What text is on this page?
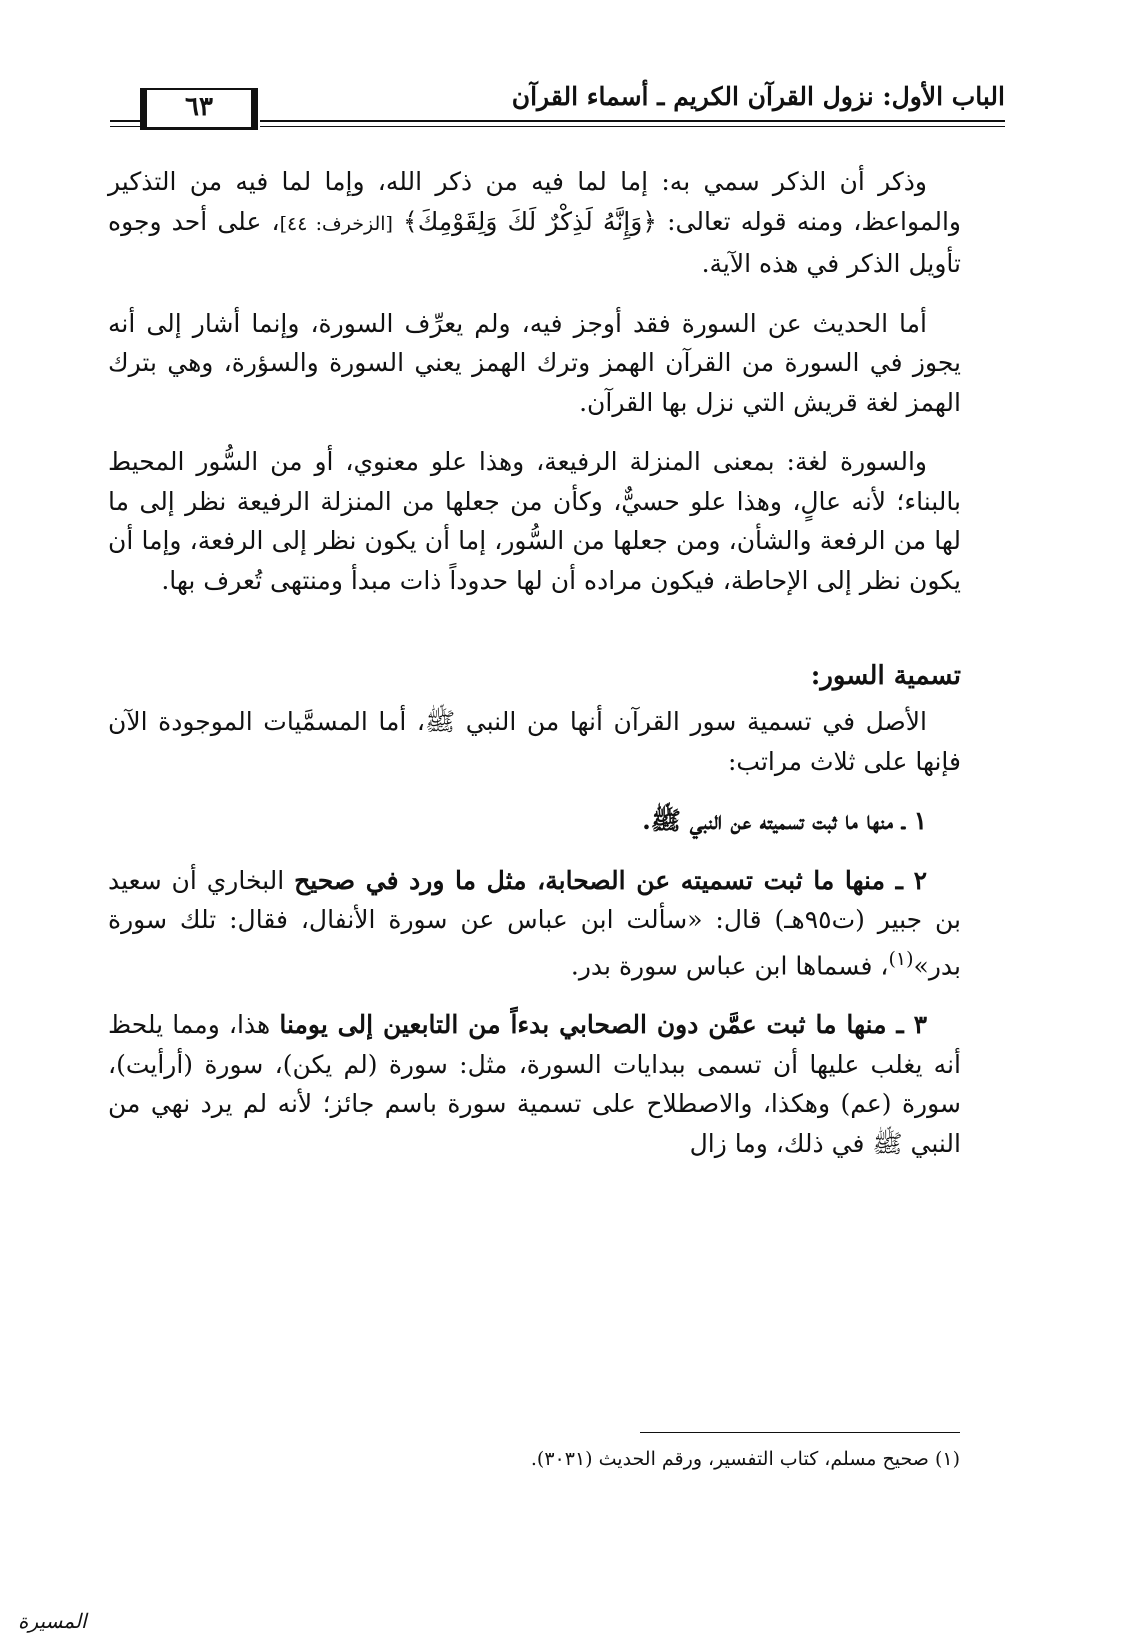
الباب الأول: نزول القرآن الكريم ـ أسماء القرآن
٦٣

وذكر أن الذكر سمي به: إما لما فيه من ذكر الله، وإما لما فيه من التذكير والمواعظ، ومنه قوله تعالى: ﴿وَإِنَّهُ لَذِكْرٌ لَكَ وَلِقَوْمِكَ﴾ [الزخرف: ٤٤]، على أحد وجوه تأويل الذكر في هذه الآية.

أما الحديث عن السورة فقد أوجز فيه، ولم يعرِّف السورة، وإنما أشار إلى أنه يجوز في السورة من القرآن الهمز وترك الهمز يعني السورة والسؤرة، وهي بترك الهمز لغة قريش التي نزل بها القرآن.

والسورة لغة: بمعنى المنزلة الرفيعة، وهذا علو معنوي، أو من السُّور المحيط بالبناء؛ لأنه عالٍ، وهذا علو حسيٌّ، وكأن من جعلها من المنزلة الرفيعة نظر إلى ما لها من الرفعة والشأن، ومن جعلها من السُّور، إما أن يكون نظر إلى الرفعة، وإما أن يكون نظر إلى الإحاطة، فيكون مراده أن لها حدوداً ذات مبدأ ومنتهى تُعرف بها.

تسمية السور:

الأصل في تسمية سور القرآن أنها من النبي ﷺ، أما المسمَّيات الموجودة الآن فإنها على ثلاث مراتب:

١ ـ منها ما ثبت تسميته عن النبي ﷺ.

٢ ـ منها ما ثبت تسميته عن الصحابة، مثل ما ورد في صحيح البخاري أن سعيد بن جبير (ت٩٥هـ) قال: «سألت ابن عباس عن سورة الأنفال، فقال: تلك سورة بدر»$^{(١)}$، فسماها ابن عباس سورة بدر.

٣ ـ منها ما ثبت عمَّن دون الصحابي بدءاً من التابعين إلى يومنا هذا، ومما يلحظ أنه يغلب عليها أن تسمى ببدايات السورة، مثل: سورة (لم يكن)، سورة (أرأيت)، سورة (عم) وهكذا، والاصطلاح على تسمية سورة باسم جائز؛ لأنه لم يرد نهي من النبي ﷺ في ذلك، وما زال

(١) صحيح مسلم، كتاب التفسير، ورقم الحديث (٣٠٣١).
المسيرة
